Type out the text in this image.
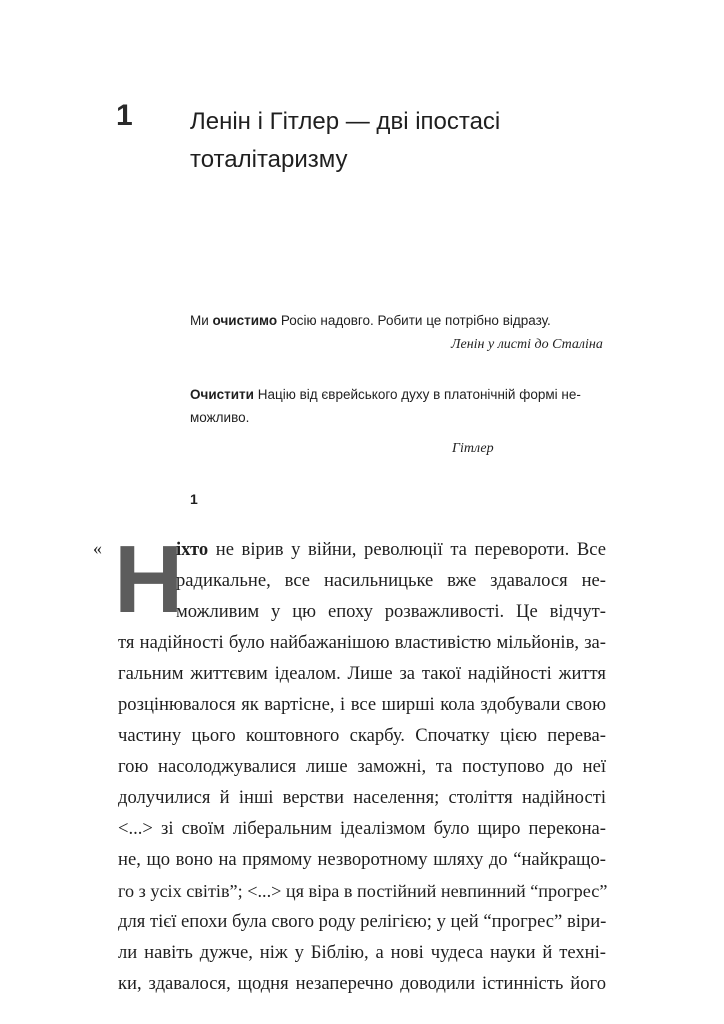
1 Ленін і Гітлер — дві іпостасі
тоталітаризму

Ми очистимо Росію надовго. Робити це потрібно відразу.

Ленін у листі до Сталіна

Очистити Націю від єврейського духу в платонічній формі не-

можливо.

Гітлер

1
« Н
іхто не вірив у війни, революції та перевороти. Все
радикальне, все насильницьке вже здавалося не-
можливим у цю епоху розважливості. Це відчут-
тя надійності було найбажанішою властивістю мільйонів, за-
гальним життєвим ідеалом. Лише за такої надійності життя
розцінювалося як вартісне, і все ширші кола здобували свою
частину цього коштовного скарбу. Спочатку цією перева-
гою насолоджувалися лише заможні, та поступово до неї
долучилися й інші верстви населення; століття надійності
<...> зі своїм ліберальним ідеалізмом було щиро перекона-
не, що воно на прямому незворотному шляху до “найкращо-
го з усіх світів”; <...> ця віра в постійний невпинний “прогрес”
для тієї епохи була свого роду релігією; у цей “прогрес” віри-
ли навіть дужче, ніж у Біблію, а нові чудеса науки й техні-
ки, здавалося, щодня незаперечно доводили істинність його
